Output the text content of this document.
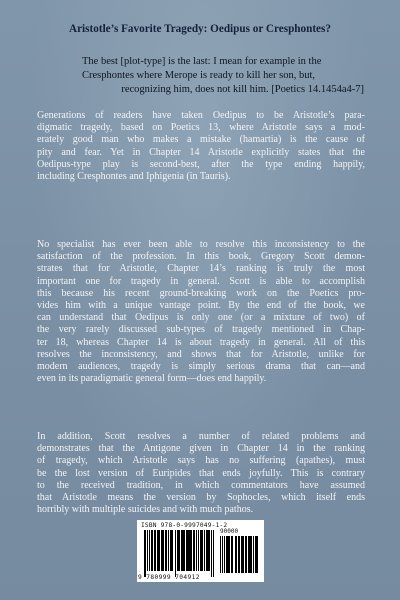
Aristotle’s Favorite Tragedy: Oedipus or Cresphontes?
The best [plot-type] is the last: I mean for example in the
Cresphontes where Merope is ready to kill her son, but,
recognizing him, does not kill him. [Poetics 14.1454a4-7]
Generations of readers have taken Oedipus to be Aristotle’s para-
digmatic tragedy, based on Poetics 13, where Aristotle says a mod-
erately good man who makes a mistake (hamartia) is the cause of
pity and fear. Yet in Chapter 14 Aristotle explicitly states that the
Oedipus-type play is second-best, after the type ending happily,
including Cresphontes and Iphigenia (in Tauris).
No specialist has ever been able to resolve this inconsistency to the
satisfaction of the profession. In this book, Gregory Scott demon-
strates that for Aristotle, Chapter 14’s ranking is truly the most
important one for tragedy in general. Scott is able to accomplish
this because his recent ground-breaking work on the Poetics pro-
vides him with a unique vantage point. By the end of the book, we
can understand that Oedipus is only one (or a mixture of two) of
the very rarely discussed sub-types of tragedy mentioned in Chap-
ter 18, whereas Chapter 14 is about tragedy in general. All of this
resolves the inconsistency, and shows that for Aristotle, unlike for
modern audiences, tragedy is simply serious drama that can—and
even in its paradigmatic general form—does end happily.
In addition, Scott resolves a number of related problems and
demonstrates that the Antigone given in Chapter 14 in the ranking
of tragedy, which Aristotle says has no suffering (apathes), must
be the lost version of Euripides that ends joyfully. This is contrary
to the received tradition, in which commentators have assumed
that Aristotle means the version by Sophocles, which itself ends
horribly with multiple suicides and with much pathos.
ISBN 978-0-9997049-1-2
90000
9 780999 704912
